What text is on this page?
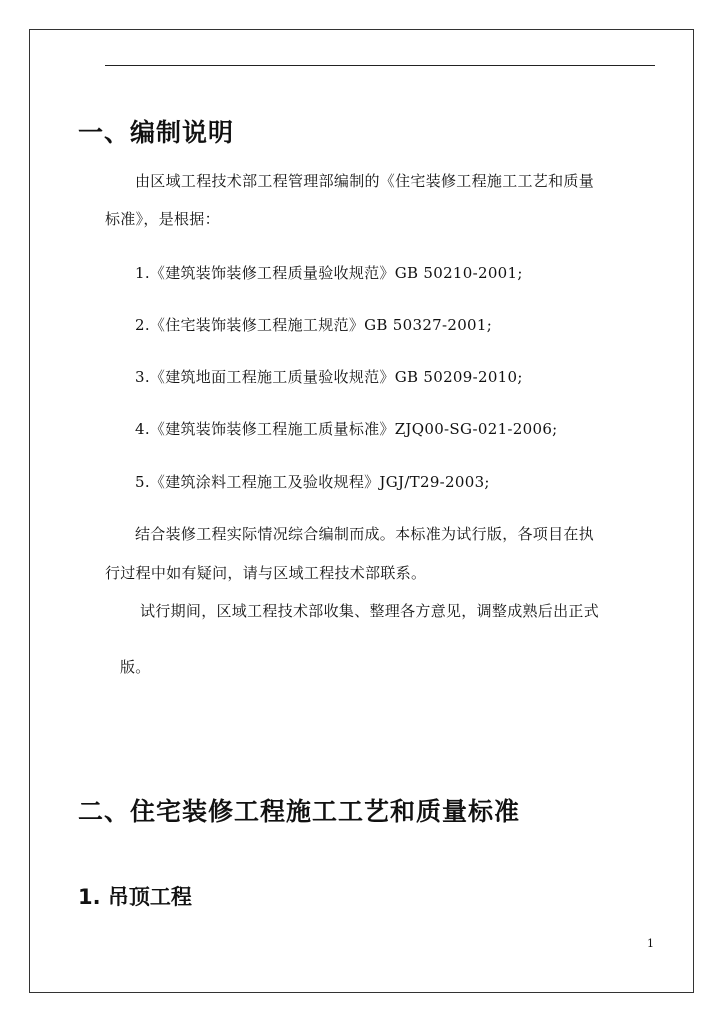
一、编制说明

由区域工程技术部工程管理部编制的《住宅装修工程施工工艺和质量

标准》，是根据：

1.《建筑装饰装修工程质量验收规范》GB 50210-2001;

2.《住宅装饰装修工程施工规范》GB 50327-2001;

3.《建筑地面工程施工质量验收规范》GB 50209-2010;

4.《建筑装饰装修工程施工质量标准》ZJQ00-SG-021-2006;

5.《建筑涂料工程施工及验收规程》JGJ/T29-2003;

结合装修工程实际情况综合编制而成。本标准为试行版，各项目在执

行过程中如有疑问，请与区域工程技术部联系。

试行期间，区域工程技术部收集、整理各方意见，调整成熟后出正式

版。

二、住宅装修工程施工工艺和质量标准
1. 吊顶工程
1
